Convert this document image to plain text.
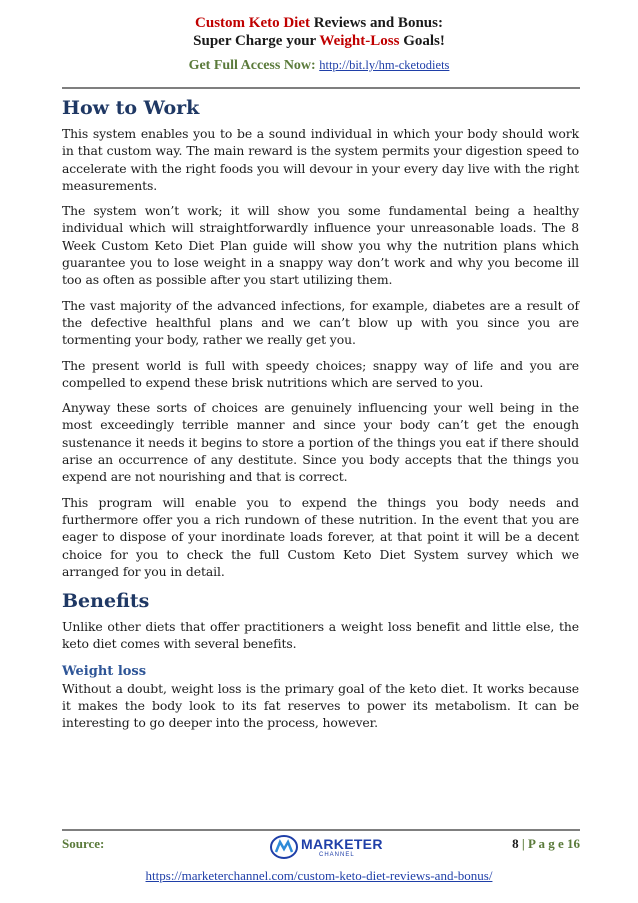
Custom Keto Diet Reviews and Bonus:
Super Charge your Weight-Loss Goals!
Get Full Access Now: http://bit.ly/hm-cketodiets
How to Work

This system enables you to be a sound individual in which your body should work in that custom way. The main reward is the system permits your digestion speed to accelerate with the right foods you will devour in your every day live with the right measurements.

The system won’t work; it will show you some fundamental being a healthy individual which will straightforwardly influence your unreasonable loads. The 8 Week Custom Keto Diet Plan guide will show you why the nutrition plans which guarantee you to lose weight in a snappy way don’t work and why you become ill too as often as possible after you start utilizing them.

The vast majority of the advanced infections, for example, diabetes are a result of the defective healthful plans and we can’t blow up with you since you are tormenting your body, rather we really get you.

The present world is full with speedy choices; snappy way of life and you are compelled to expend these brisk nutritions which are served to you.

Anyway these sorts of choices are genuinely influencing your well being in the most exceedingly terrible manner and since your body can’t get the enough sustenance it needs it begins to store a portion of the things you eat if there should arise an occurrence of any destitute. Since you body accepts that the things you expend are not nourishing and that is correct.

This program will enable you to expend the things you body needs and furthermore offer you a rich rundown of these nutrition. In the event that you are eager to dispose of your inordinate loads forever, at that point it will be a decent choice for you to check the full Custom Keto Diet System survey which we arranged for you in detail.

Benefits

Unlike other diets that offer practitioners a weight loss benefit and little else, the keto diet comes with several benefits.

Weight loss

Without a doubt, weight loss is the primary goal of the keto diet. It works because it makes the body look to its fat reserves to power its metabolism. It can be interesting to go deeper into the process, however.

Source:	MARKETER
CHANNEL
8 | P a g e 16
https://marketerchannel.com/custom-keto-diet-reviews-and-bonus/
